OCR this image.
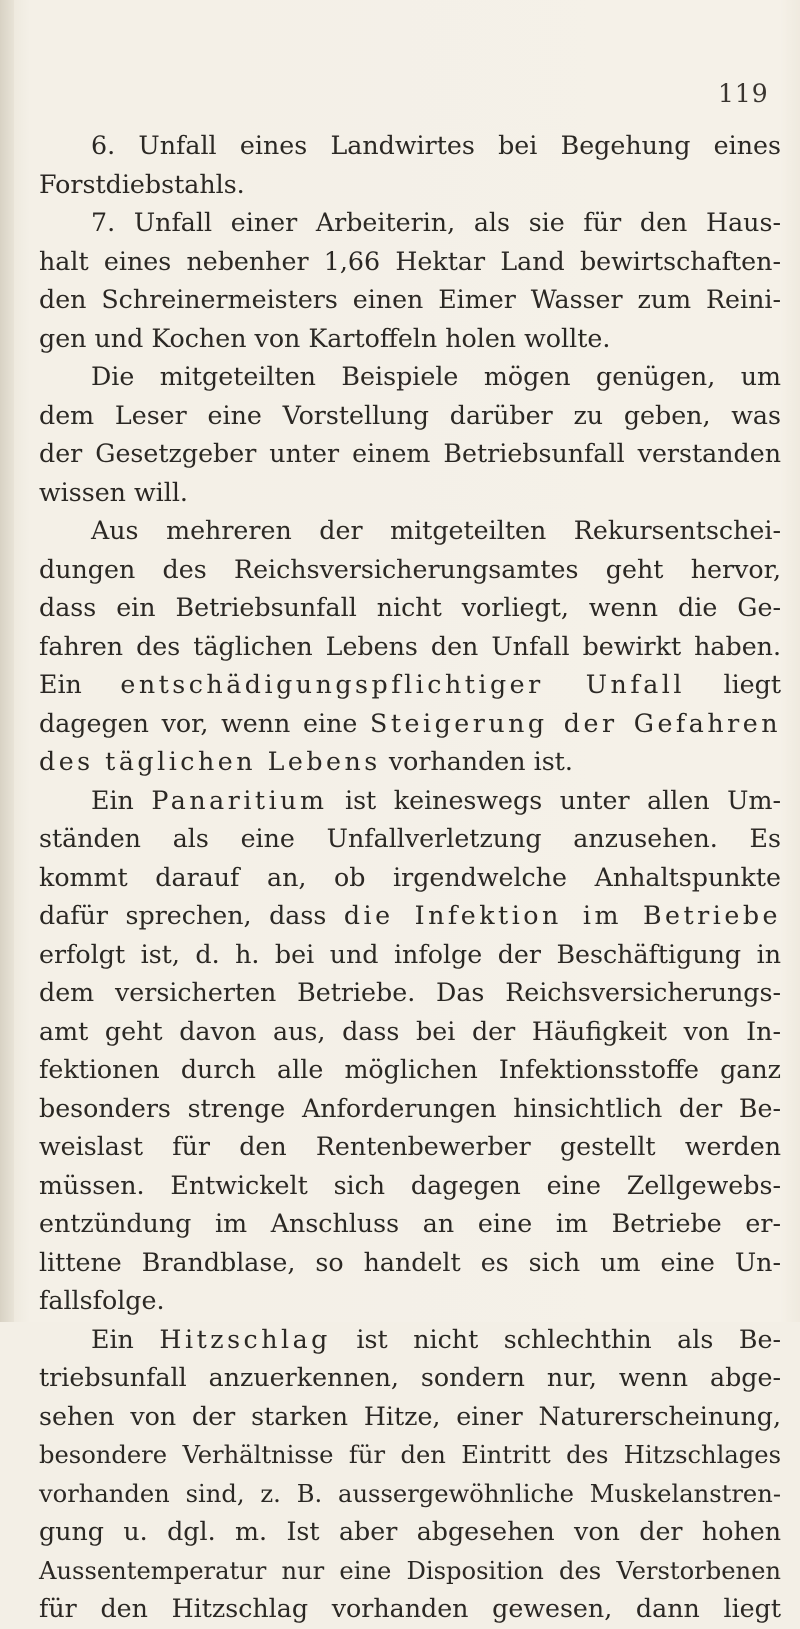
119
6. Unfall eines Landwirtes bei Begehung eines
Forstdiebstahls.
7. Unfall einer Arbeiterin, als sie für den Haus-
halt eines nebenher 1,66 Hektar Land bewirtschaften-
den Schreinermeisters einen Eimer Wasser zum Reini-
gen und Kochen von Kartoffeln holen wollte.
Die mitgeteilten Beispiele mögen genügen, um
dem Leser eine Vorstellung darüber zu geben, was
der Gesetzgeber unter einem Betriebsunfall verstanden
wissen will.
Aus mehreren der mitgeteilten Rekursentschei-
dungen des Reichsversicherungsamtes geht hervor,
dass ein Betriebsunfall nicht vorliegt, wenn die Ge-
fahren des täglichen Lebens den Unfall bewirkt haben.
Ein entschädigungspflichtiger Unfall liegt
dagegen vor, wenn eine Steigerung der Gefahren
des täglichen Lebens vorhanden ist.
Ein Panaritium ist keineswegs unter allen Um-
ständen als eine Unfallverletzung anzusehen. Es
kommt darauf an, ob irgendwelche Anhaltspunkte
dafür sprechen, dass die Infektion im Betriebe
erfolgt ist, d. h. bei und infolge der Beschäftigung in
dem versicherten Betriebe. Das Reichsversicherungs-
amt geht davon aus, dass bei der Häufigkeit von In-
fektionen durch alle möglichen Infektionsstoffe ganz
besonders strenge Anforderungen hinsichtlich der Be-
weislast für den Rentenbewerber gestellt werden
müssen. Entwickelt sich dagegen eine Zellgewebs-
entzündung im Anschluss an eine im Betriebe er-
littene Brandblase, so handelt es sich um eine Un-
fallsfolge.
Ein Hitzschlag ist nicht schlechthin als Be-
triebsunfall anzuerkennen, sondern nur, wenn abge-
sehen von der starken Hitze, einer Naturerscheinung,
besondere Verhältnisse für den Eintritt des Hitzschlages
vorhanden sind, z. B. aussergewöhnliche Muskelanstren-
gung u. dgl. m. Ist aber abgesehen von der hohen
Aussentemperatur nur eine Disposition des Verstorbenen
für den Hitzschlag vorhanden gewesen, dann liegt
